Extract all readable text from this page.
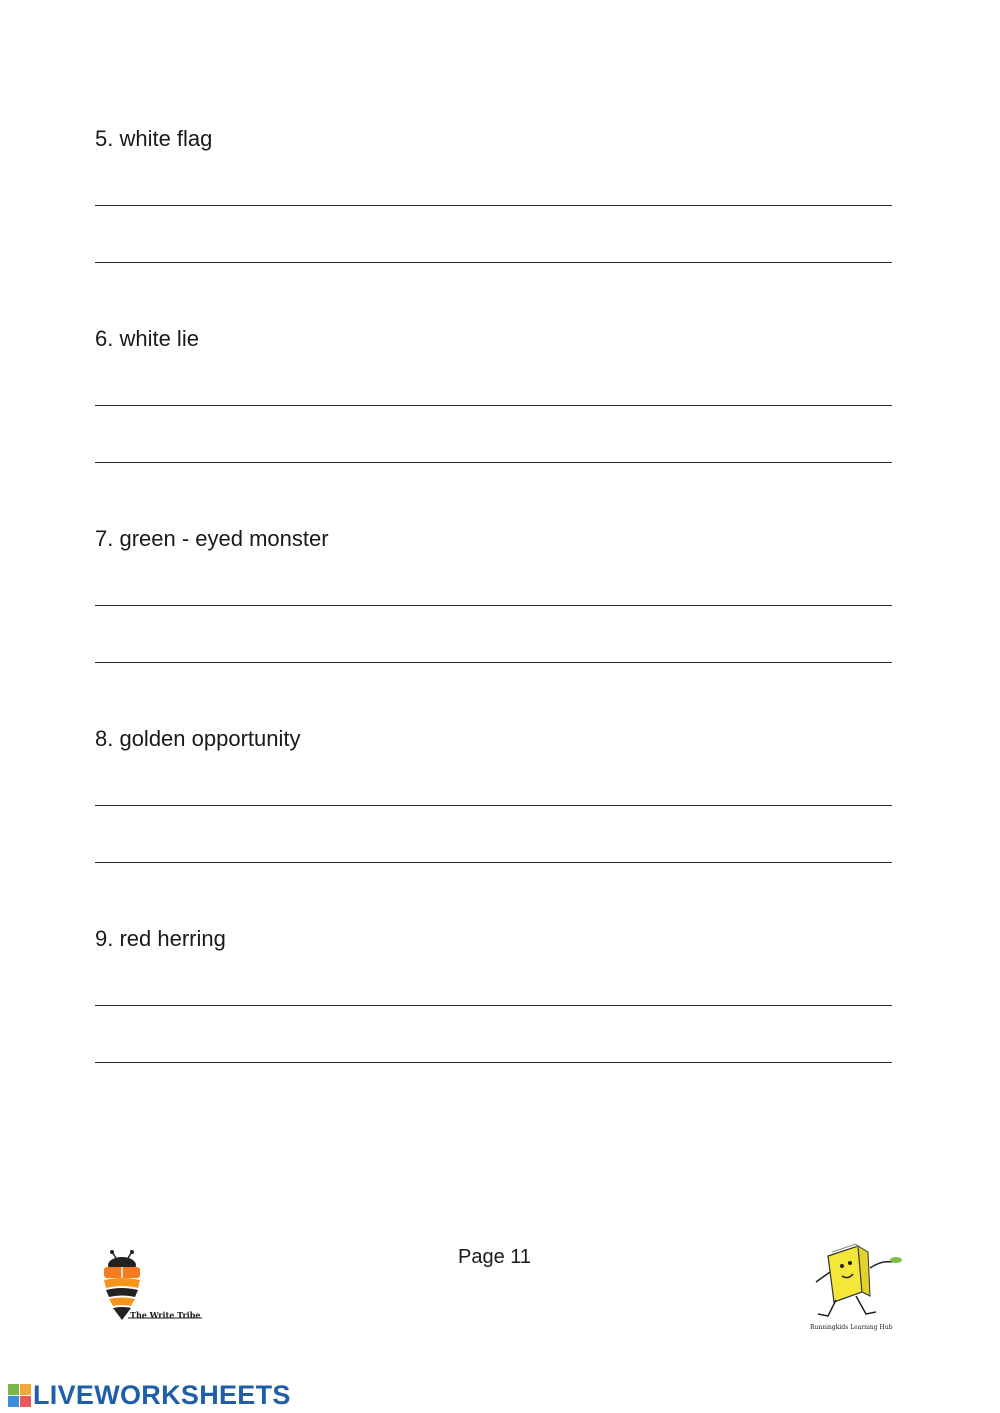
5. white flag
6. white lie
7. green - eyed monster
8. golden opportunity
9. red herring
The Write Tribe
Page 11
Runningkids Learning Hub
LIVEWORKSHEETS
